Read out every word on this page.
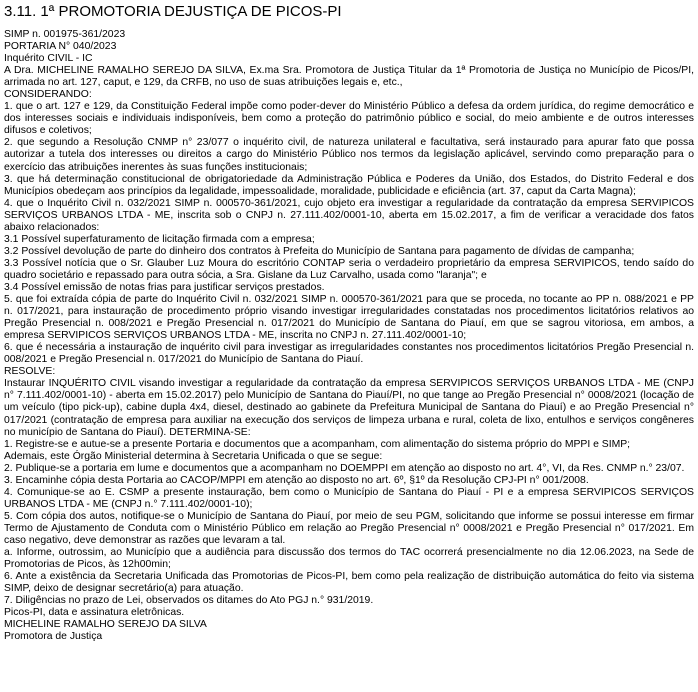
3.11. 1ª PROMOTORIA DEJUSTIÇA DE PICOS-PI

SIMP n. 001975-361/2023

PORTARIA N° 040/2023

Inquérito CIVIL - IC

A Dra. MICHELINE RAMALHO SEREJO DA SILVA, Ex.ma Sra. Promotora de Justiça Titular da 1ª Promotoria de Justiça no Município de Picos/PI, arrimada no art. 127, caput, e 129, da CRFB, no uso de suas atribuições legais e, etc.,

CONSIDERANDO:

1. que o art. 127 e 129, da Constituição Federal impõe como poder-dever do Ministério Público a defesa da ordem jurídica, do regime democrático e dos interesses sociais e individuais indisponíveis, bem como a proteção do patrimônio público e social, do meio ambiente e de outros interesses difusos e coletivos;

2. que segundo a Resolução CNMP n° 23/077 o inquérito civil, de natureza unilateral e facultativa, será instaurado para apurar fato que possa autorizar a tutela dos interesses ou direitos a cargo do Ministério Público nos termos da legislação aplicável, servindo como preparação para o exercício das atribuições inerentes às suas funções institucionais;

3. que há determinação constitucional de obrigatoriedade da Administração Pública e Poderes da União, dos Estados, do Distrito Federal e dos Municípios obedeçam aos princípios da legalidade, impessoalidade, moralidade, publicidade e eficiência (art. 37, caput da Carta Magna);

4. que o Inquérito Civil n. 032/2021 SIMP n. 000570-361/2021, cujo objeto era investigar a regularidade da contratação da empresa SERVIPICOS SERVIÇOS URBANOS LTDA - ME, inscrita sob o CNPJ n. 27.111.402/0001-10, aberta em 15.02.2017, a fim de verificar a veracidade dos fatos abaixo relacionados:

3.1 Possível superfaturamento de licitação firmada com a empresa;

3.2 Possível devolução de parte do dinheiro dos contratos à Prefeita do Município de Santana para pagamento de dívidas de campanha;

3.3 Possível notícia que o Sr. Glauber Luz Moura do escritório CONTAP seria o verdadeiro proprietário da empresa SERVIPICOS, tendo saído do quadro societário e repassado para outra sócia, a Sra. Gislane da Luz Carvalho, usada como "laranja"; e

3.4 Possível emissão de notas frias para justificar serviços prestados.

5. que foi extraída cópia de parte do Inquérito Civil n. 032/2021 SIMP n. 000570-361/2021 para que se proceda, no tocante ao PP n. 088/2021 e PP n. 017/2021, para instauração de procedimento próprio visando investigar irregularidades constatadas nos procedimentos licitatórios relativos ao Pregão Presencial n. 008/2021 e Pregão Presencial n. 017/2021 do Município de Santana do Piauí, em que se sagrou vitoriosa, em ambos, a empresa SERVIPICOS SERVIÇOS URBANOS LTDA - ME, inscrita no CNPJ n. 27.111.402/0001-10;

6. que é necessária a instauração de inquérito civil para investigar as irregularidades constantes nos procedimentos licitatórios Pregão Presencial n. 008/2021 e Pregão Presencial n. 017/2021 do Município de Santana do Piauí.

RESOLVE:

Instaurar INQUÉRITO CIVIL visando investigar a regularidade da contratação da empresa SERVIPICOS SERVIÇOS URBANOS LTDA - ME (CNPJ n° 7.111.402/0001-10) - aberta em 15.02.2017) pelo Município de Santana do Piauí/PI, no que tange ao Pregão Presencial n° 0008/2021 (locação de um veículo (tipo pick-up), cabine dupla 4x4, diesel, destinado ao gabinete da Prefeitura Municipal de Santana do Piauí) e ao Pregão Presencial n° 017/2021 (contratação de empresa para auxiliar na execução dos serviços de limpeza urbana e rural, coleta de lixo, entulhos e serviços congêneres no município de Santana do Piauí). DETERMINA-SE:

1. Registre-se e autue-se a presente Portaria e documentos que a acompanham, com alimentação do sistema próprio do MPPI e SIMP;

Ademais, este Órgão Ministerial determina à Secretaria Unificada o que se segue:

2. Publique-se a portaria em lume e documentos que a acompanham no DOEMPPI em atenção ao disposto no art. 4°, VI, da Res. CNMP n.° 23/07.

3. Encaminhe cópia desta Portaria ao CACOP/MPPI em atenção ao disposto no art. 6º, §1º da Resolução CPJ-PI n° 001/2008.

4. Comunique-se ao E. CSMP a presente instauração, bem como o Município de Santana do Piauí - PI e a empresa SERVIPICOS SERVIÇOS URBANOS LTDA - ME (CNPJ n.° 7.111.402/0001-10);

5. Com cópia dos autos, notifique-se o Município de Santana do Piauí, por meio de seu PGM, solicitando que informe se possui interesse em firmar Termo de Ajustamento de Conduta com o Ministério Público em relação ao Pregão Presencial n° 0008/2021 e Pregão Presencial n° 017/2021. Em caso negativo, deve demonstrar as razões que levaram a tal.

a. Informe, outrossim, ao Município que a audiência para discussão dos termos do TAC ocorrerá presencialmente no dia 12.06.2023, na Sede de Promotorias de Picos, às 12h00min;

6. Ante a existência da Secretaria Unificada das Promotorias de Picos-PI, bem como pela realização de distribuição automática do feito via sistema SIMP, deixo de designar secretário(a) para atuação.

7. Diligências no prazo de Lei, observados os ditames do Ato PGJ n.° 931/2019.

Picos-PI, data e assinatura eletrônicas.

MICHELINE RAMALHO SEREJO DA SILVA

Promotora de Justiça
